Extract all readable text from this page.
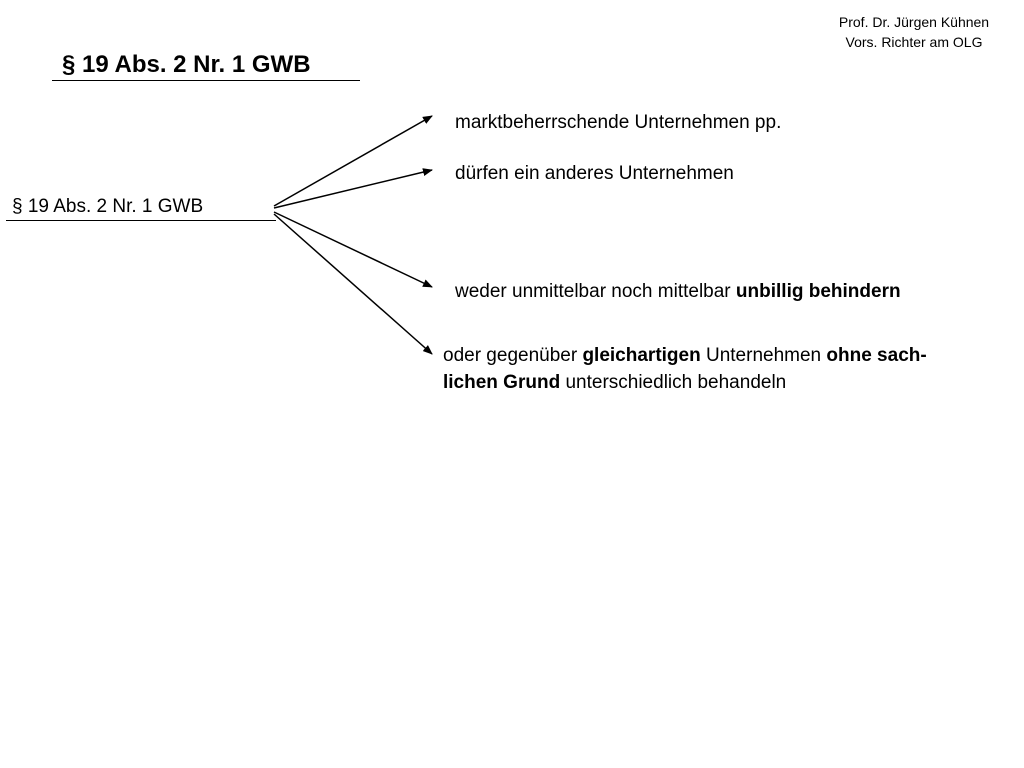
Prof. Dr. Jürgen Kühnen
Vors. Richter am OLG
§ 19 Abs. 2 Nr. 1 GWB
§ 19 Abs. 2 Nr. 1 GWB
marktbeherrschende Unternehmen pp.
dürfen ein anderes Unternehmen
weder unmittelbar noch mittelbar unbillig behindern
oder gegenüber gleichartigen Unternehmen ohne sach-
lichen Grund unterschiedlich behandeln
